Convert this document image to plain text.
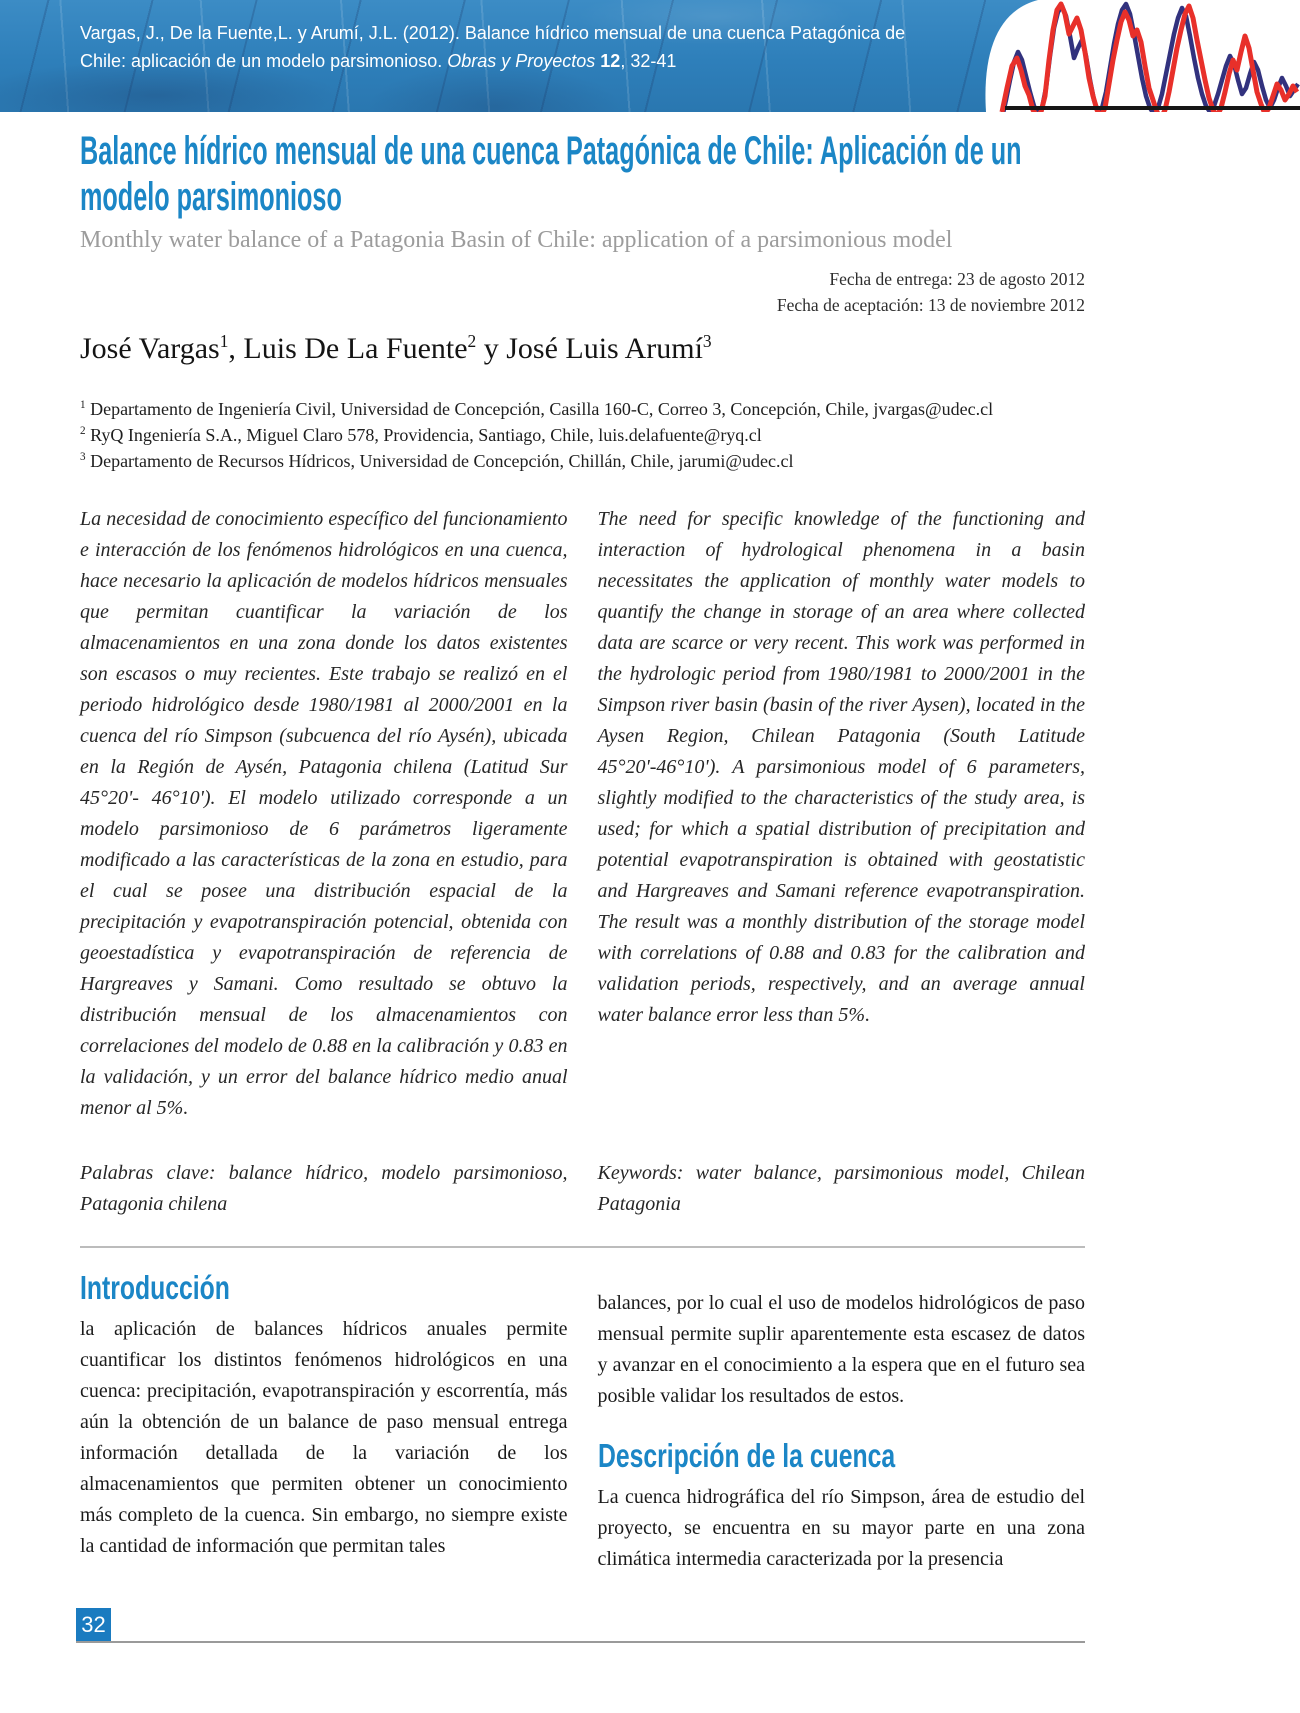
Vargas, J., De la Fuente,L. y Arumí, J.L. (2012). Balance hídrico mensual de una cuenca Patagónica de Chile: aplicación de un modelo parsimonioso. Obras y Proyectos 12, 32-41
Balance hídrico mensual de una cuenca Patagónica de Chile: Aplicación de un modelo parsimonioso

Monthly water balance of a Patagonia Basin of Chile: application of a parsimonious model

Fecha de entrega: 23 de agosto 2012
Fecha de aceptación: 13 de noviembre 2012
José Vargas$^1$, Luis De La Fuente$^2$ y José Luis Arumí$^3$
$^1$ Departamento de Ingeniería Civil, Universidad de Concepción, Casilla 160-C, Correo 3, Concepción, Chile, jvargas@udec.cl
$^2$ RyQ Ingeniería S.A., Miguel Claro 578, Providencia, Santiago, Chile, luis.delafuente@ryq.cl
$^3$ Departamento de Recursos Hídricos, Universidad de Concepción, Chillán, Chile, jarumi@udec.cl

La necesidad de conocimiento específico del funcionamiento e interacción de los fenómenos hidrológicos en una cuenca, hace necesario la aplicación de modelos hídricos mensuales que permitan cuantificar la variación de los almacenamientos en una zona donde los datos existentes son escasos o muy recientes. Este trabajo se realizó en el periodo hidrológico desde 1980/1981 al 2000/2001 en la cuenca del río Simpson (subcuenca del río Aysén), ubicada en la Región de Aysén, Patagonia chilena (Latitud Sur 45°20'- 46°10'). El modelo utilizado corresponde a un modelo parsimonioso de 6 parámetros ligeramente modificado a las características de la zona en estudio, para el cual se posee una distribución espacial de la precipitación y evapotranspiración potencial, obtenida con geoestadística y evapotranspiración de referencia de Hargreaves y Samani. Como resultado se obtuvo la distribución mensual de los almacenamientos con correlaciones del modelo de 0.88 en la calibración y 0.83 en la validación, y un error del balance hídrico medio anual menor al 5%.

Palabras clave: balance hídrico, modelo parsimonioso, Patagonia chilena

The need for specific knowledge of the functioning and interaction of hydrological phenomena in a basin necessitates the application of monthly water models to quantify the change in storage of an area where collected data are scarce or very recent. This work was performed in the hydrologic period from 1980/1981 to 2000/2001 in the Simpson river basin (basin of the river Aysen), located in the Aysen Region, Chilean Patagonia (South Latitude 45°20'-46°10'). A parsimonious model of 6 parameters, slightly modified to the characteristics of the study area, is used; for which a spatial distribution of precipitation and potential evapotranspiration is obtained with geostatistic and Hargreaves and Samani reference evapotranspiration. The result was a monthly distribution of the storage model with correlations of 0.88 and 0.83 for the calibration and validation periods, respectively, and an average annual water balance error less than 5%.

Keywords: water balance, parsimonious model, Chilean Patagonia

Introducción

la aplicación de balances hídricos anuales permite cuantificar los distintos fenómenos hidrológicos en una cuenca: precipitación, evapotranspiración y escorrentía, más aún la obtención de un balance de paso mensual entrega información detallada de la variación de los almacenamientos que permiten obtener un conocimiento más completo de la cuenca. Sin embargo, no siempre existe la cantidad de información que permitan tales

balances, por lo cual el uso de modelos hidrológicos de paso mensual permite suplir aparentemente esta escasez de datos y avanzar en el conocimiento a la espera que en el futuro sea posible validar los resultados de estos.

Descripción de la cuenca

La cuenca hidrográfica del río Simpson, área de estudio del proyecto, se encuentra en su mayor parte en una zona climática intermedia caracterizada por la presencia

32
